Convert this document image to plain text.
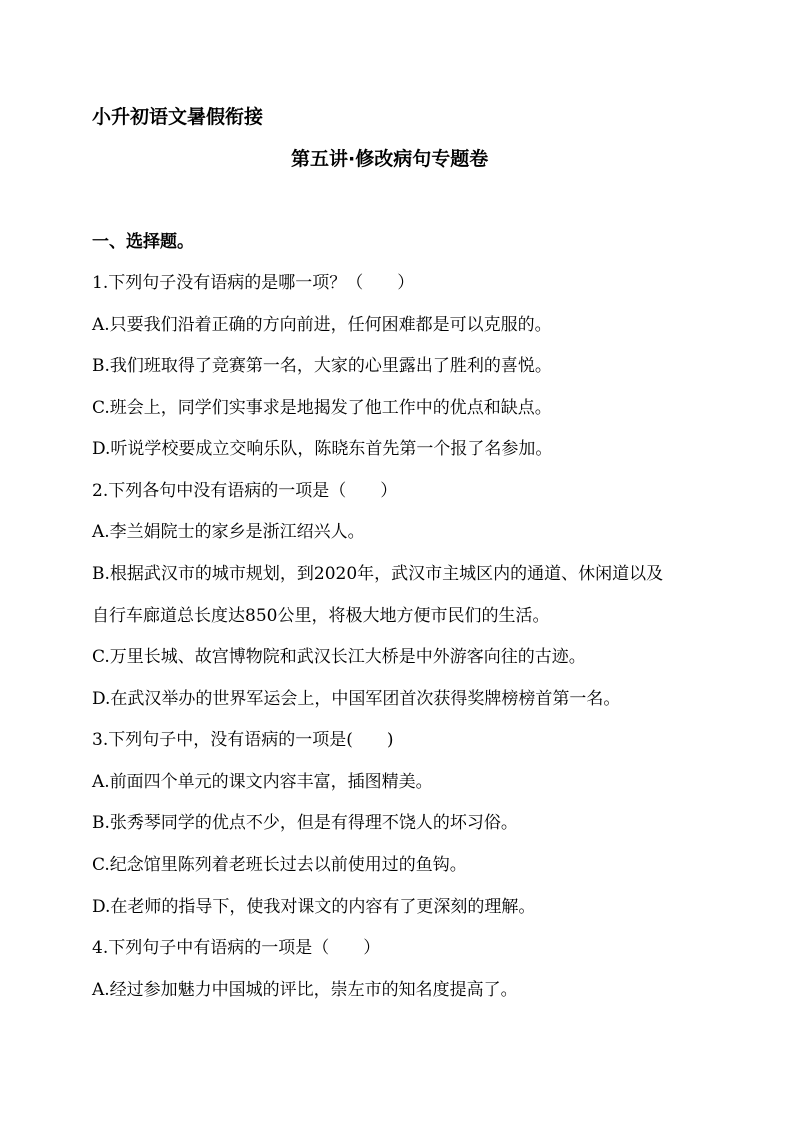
小升初语文暑假衔接
第五讲·修改病句专题卷
一、选择题。
1.下列句子没有语病的是哪一项？（　　）
A.只要我们沿着正确的方向前进，任何困难都是可以克服的。
B.我们班取得了竞赛第一名，大家的心里露出了胜利的喜悦。
C.班会上，同学们实事求是地揭发了他工作中的优点和缺点。
D.听说学校要成立交响乐队，陈晓东首先第一个报了名参加。
2.下列各句中没有语病的一项是（　　）
A.李兰娟院士的家乡是浙江绍兴人。
B.根据武汉市的城市规划，到2020年，武汉市主城区内的通道、休闲道以及
自行车廊道总长度达850公里，将极大地方便市民们的生活。
C.万里长城、故宫博物院和武汉长江大桥是中外游客向往的古迹。
D.在武汉举办的世界军运会上，中国军团首次获得奖牌榜榜首第一名。
3.下列句子中，没有语病的一项是(　　)
A.前面四个单元的课文内容丰富，插图精美。
B.张秀琴同学的优点不少，但是有得理不饶人的坏习俗。
C.纪念馆里陈列着老班长过去以前使用过的鱼钩。
D.在老师的指导下，使我对课文的内容有了更深刻的理解。
4.下列句子中有语病的一项是（　　）
A.经过参加魅力中国城的评比，崇左市的知名度提高了。
